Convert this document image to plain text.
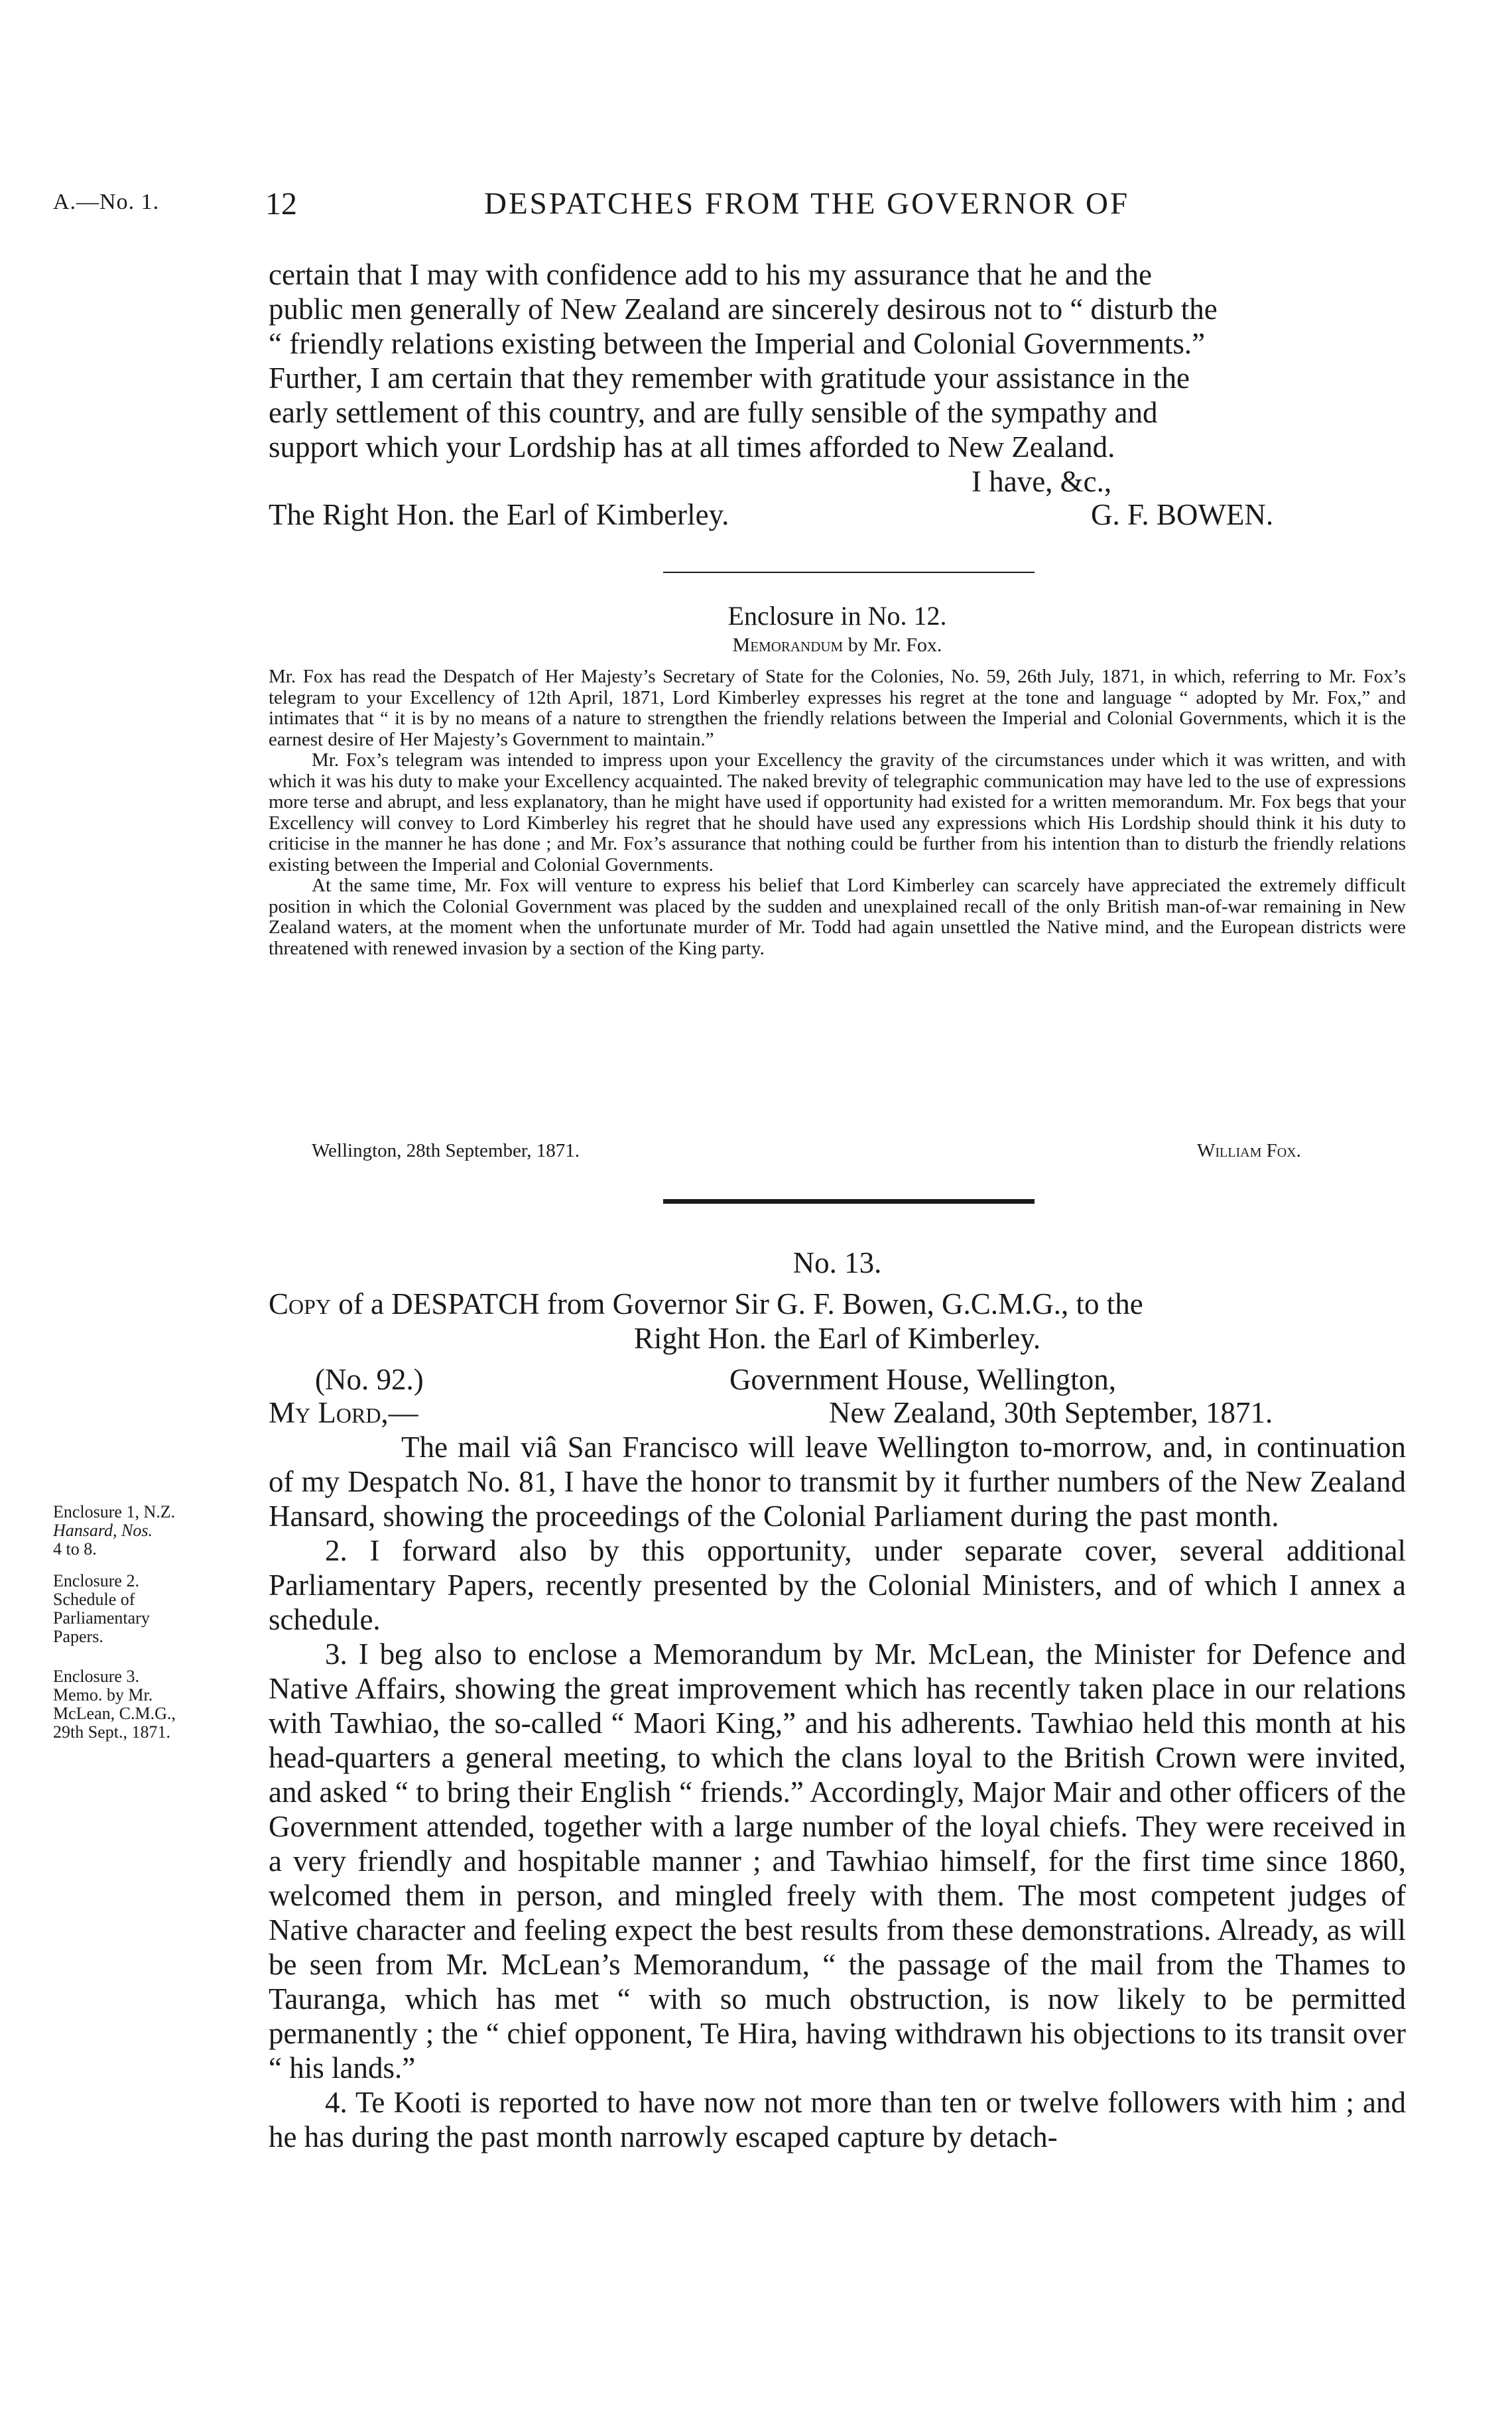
A.—No. 1.	12	DESPATCHES FROM THE GOVERNOR OF
certain that I may with confidence add to his my assurance that he and the
public men generally of New Zealand are sincerely desirous not to “ disturb the
“ friendly relations existing between the Imperial and Colonial Governments.”
Further, I am certain that they remember with gratitude your assistance in the
early settlement of this country, and are fully sensible of the sympathy and
support which your Lordship has at all times afforded to New Zealand.
I have, &c.,
The Right Hon. the Earl of Kimberley.	G. F. BOWEN.
Enclosure in No. 12.
Memorandum by Mr. Fox.

Mr. Fox has read the Despatch of Her Majesty’s Secretary of State for the Colonies, No. 59, 26th July, 1871, in which, referring to Mr. Fox’s telegram to your Excellency of 12th April, 1871, Lord Kimberley expresses his regret at the tone and language “ adopted by Mr. Fox,” and intimates that “ it is by no means of a nature to strengthen the friendly relations between the Imperial and Colonial Governments, which it is the earnest desire of Her Majesty’s Government to maintain.”

Mr. Fox’s telegram was intended to impress upon your Excellency the gravity of the circumstances under which it was written, and with which it was his duty to make your Excellency acquainted. The naked brevity of telegraphic communication may have led to the use of expressions more terse and abrupt, and less explanatory, than he might have used if opportunity had existed for a written memorandum. Mr. Fox begs that your Excellency will convey to Lord Kimberley his regret that he should have used any expressions which His Lordship should think it his duty to criticise in the manner he has done ; and Mr. Fox’s assurance that nothing could be further from his intention than to disturb the friendly relations existing between the Imperial and Colonial Governments.

At the same time, Mr. Fox will venture to express his belief that Lord Kimberley can scarcely have appreciated the extremely difficult position in which the Colonial Government was placed by the sudden and unexplained recall of the only British man-of-war remaining in New Zealand waters, at the moment when the unfortunate murder of Mr. Todd had again unsettled the Native mind, and the European districts were threatened with renewed invasion by a section of the King party.

Wellington, 28th September, 1871.	William Fox.
No. 13.
Copy of a DESPATCH from Governor Sir G. F. Bowen, G.C.M.G., to the
Right Hon. the Earl of Kimberley.
(No. 92.)	Government House, Wellington,
My Lord,—	New Zealand, 30th September, 1871.

The mail viâ San Francisco will leave Wellington to-morrow, and, in continuation of my Despatch No. 81, I have the honor to transmit by it further numbers of the New Zealand Hansard, showing the proceedings of the Colonial Parliament during the past month.

2. I forward also by this opportunity, under separate cover, several additional Parliamentary Papers, recently presented by the Colonial Ministers, and of which I annex a schedule.

3. I beg also to enclose a Memorandum by Mr. McLean, the Minister for Defence and Native Affairs, showing the great improvement which has recently taken place in our relations with Tawhiao, the so-called “ Maori King,” and his adherents. Tawhiao held this month at his head-quarters a general meeting, to which the clans loyal to the British Crown were invited, and asked “ to bring their English “ friends.” Accordingly, Major Mair and other officers of the Government attended, together with a large number of the loyal chiefs. They were received in a very friendly and hospitable manner ; and Tawhiao himself, for the first time since 1860, welcomed them in person, and mingled freely with them. The most competent judges of Native character and feeling expect the best results from these demonstrations. Already, as will be seen from Mr. McLean’s Memorandum, “ the passage of the mail from the Thames to Tauranga, which has met “ with so much obstruction, is now likely to be permitted permanently ; the “ chief opponent, Te Hira, having withdrawn his objections to its transit over “ his lands.”

4. Te Kooti is reported to have now not more than ten or twelve followers with him ; and he has during the past month narrowly escaped capture by detach-

Enclosure 1, N.Z.
Hansard, Nos.
4 to 8.
Enclosure 2.
Schedule of
Parliamentary
Papers.
Enclosure 3.
Memo. by Mr.
McLean, C.M.G.,
29th Sept., 1871.
